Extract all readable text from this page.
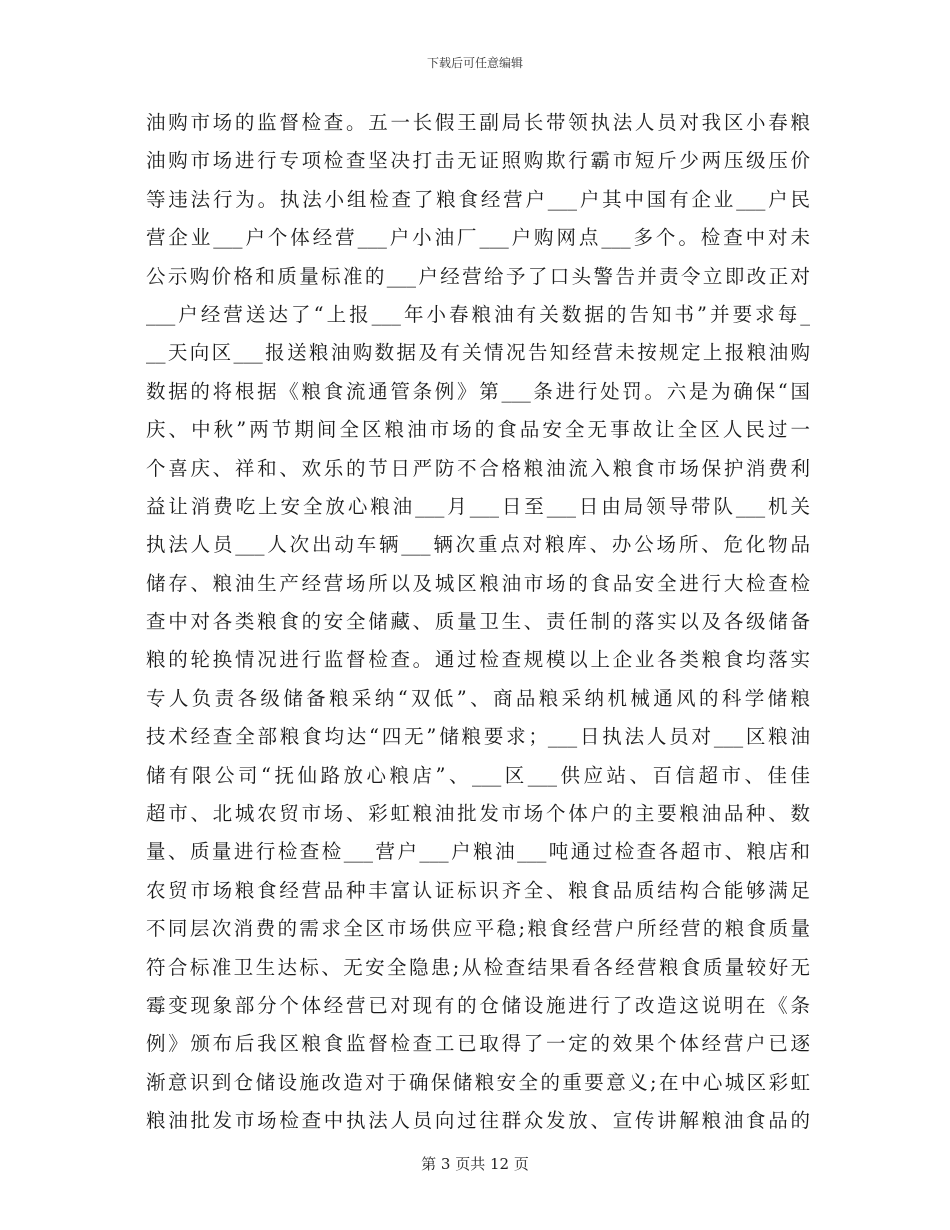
下载后可任意编辑
油购市场的监督检查。五一长假王副局长带领执法人员对我区小春粮
油购市场进行专项检查坚决打击无证照购欺行霸市短斤少两压级压价
等违法行为。执法小组检查了粮食经营户___户其中国有企业___户民
营企业___户个体经营___户小油厂___户购网点___多个。检查中对未
公示购价格和质量标准的___户经营给予了口头警告并责令立即改正对
___户经营送达了“上报___年小春粮油有关数据的告知书”并要求每_
__天向区___报送粮油购数据及有关情况告知经营未按规定上报粮油购
数据的将根据《粮食流通管条例》第___条进行处罚。六是为确保“国
庆、中秋”两节期间全区粮油市场的食品安全无事故让全区人民过一
个喜庆、祥和、欢乐的节日严防不合格粮油流入粮食市场保护消费利
益让消费吃上安全放心粮油___月___日至___日由局领导带队___机关
执法人员___人次出动车辆___辆次重点对粮库、办公场所、危化物品
储存、粮油生产经营场所以及城区粮油市场的食品安全进行大检查检
查中对各类粮食的安全储藏、质量卫生、责任制的落实以及各级储备
粮的轮换情况进行监督检查。通过检查规模以上企业各类粮食均落实
专人负责各级储备粮采纳“双低”、商品粮采纳机械通风的科学储粮
技术经查全部粮食均达“四无”储粮要求；___日执法人员对___区粮油
储有限公司“抚仙路放心粮店”、___区___供应站、百信超市、佳佳
超市、北城农贸市场、彩虹粮油批发市场个体户的主要粮油品种、数
量、质量进行检查检___营户___户粮油___吨通过检查各超市、粮店和
农贸市场粮食经营品种丰富认证标识齐全、粮食品质结构合能够满足
不同层次消费的需求全区市场供应平稳;粮食经营户所经营的粮食质量
符合标准卫生达标、无安全隐患;从检查结果看各经营粮食质量较好无
霉变现象部分个体经营已对现有的仓储设施进行了改造这说明在《条
例》颁布后我区粮食监督检查工已取得了一定的效果个体经营户已逐
渐意识到仓储设施改造对于确保储粮安全的重要意义;在中心城区彩虹
粮油批发市场检查中执法人员向过往群众发放、宣传讲解粮油食品的
第 3 页共 12 页
